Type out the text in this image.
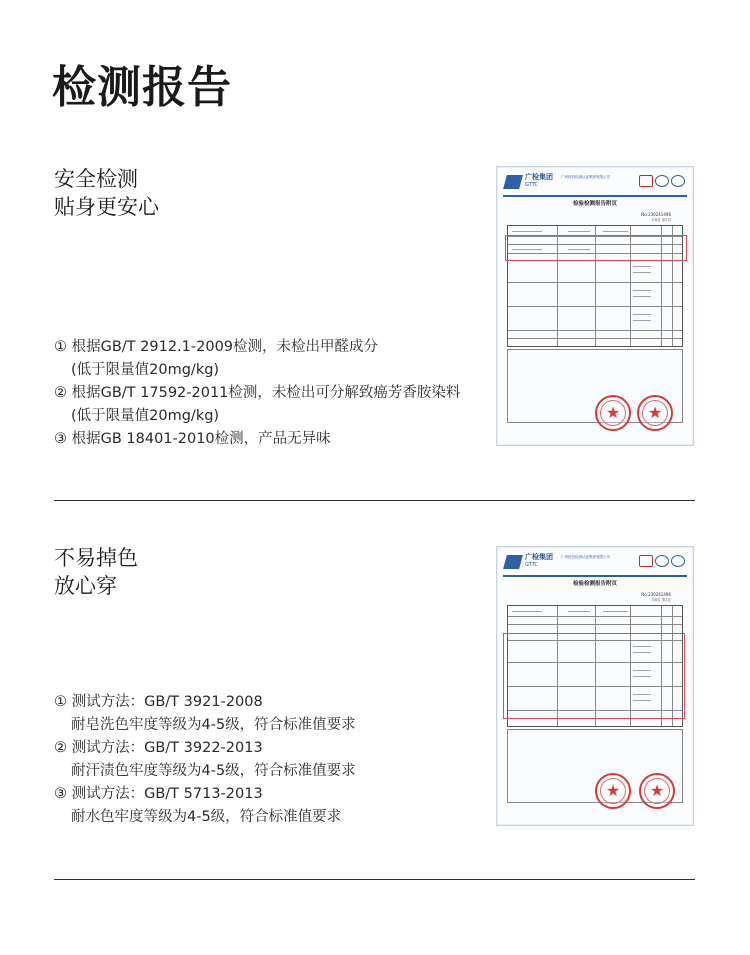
检测报告

安全检测
贴身更安心

① 根据GB/T 2912.1-2009检测，未检出甲醛成分
(低于限量值20mg/kg)
② 根据GB/T 17592-2011检测，未检出可分解致癌芳香胺染料
(低于限量值20mg/kg)
③ 根据GB 18401-2010检测，产品无异味
广检集团
GTTC
广州检验检测认证集团有限公司
检验检测报告附页
No:230241496
共6页 第2页
★	★

不易掉色
放心穿

① 测试方法：GB/T 3921-2008
耐皂洗色牢度等级为4-5级，符合标准值要求
② 测试方法：GB/T 3922-2013
耐汗渍色牢度等级为4-5级，符合标准值要求
③ 测试方法：GB/T 5713-2013
耐水色牢度等级为4-5级，符合标准值要求
广检集团
GTTC
广州检验检测认证集团有限公司
检验检测报告附页
No:230241496
共6页 第2页
★	★
